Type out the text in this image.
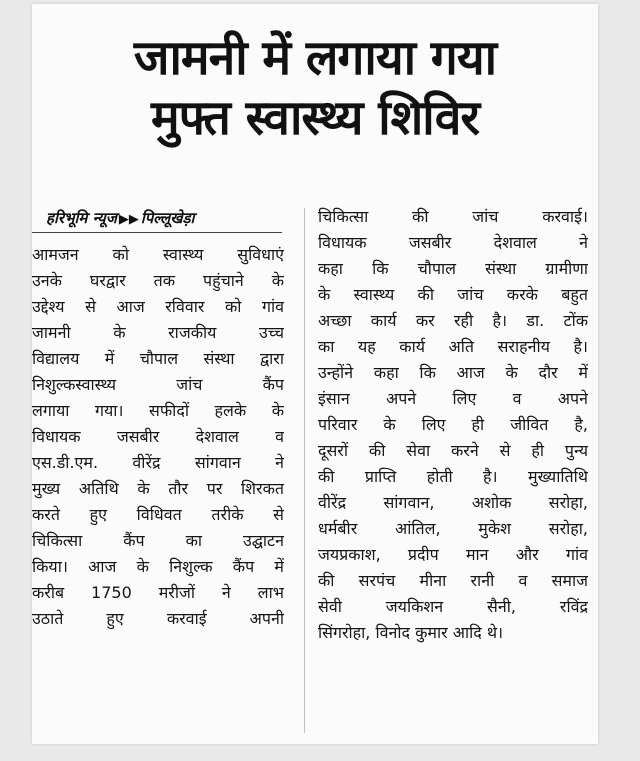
जामनी में लगाया गया
मुफ्त स्वास्थ्य शिविर
हरिभूमि न्यूज ▶▶ पिल्लूखेड़ा
आमजन को स्वास्थ्य सुविधाएं
उनके घरद्वार तक पहुंचाने के
उद्देश्य से आज रविवार को गांव
जामनी के राजकीय उच्च
विद्यालय में चौपाल संस्था द्वारा
निशुल्कस्वास्थ्य जांच कैंप
लगाया गया। सफीदों हलके के
विधायक जसबीर देशवाल व
एस.डी.एम. वीरेंद्र सांगवान ने
मुख्य अतिथि के तौर पर शिरकत
करते हुए विधिवत तरीके से
चिकित्सा कैंप का उद्घाटन
किया। आज के निशुल्क कैंप में
करीब 1750 मरीजों ने लाभ
उठाते हुए करवाई अपनी
चिकित्सा की जांच करवाई।
विधायक जसबीर देशवाल ने
कहा कि चौपाल संस्था ग्रामीणा
के स्वास्थ्य की जांच करके बहुत
अच्छा कार्य कर रही है। डा. टोंक
का यह कार्य अति सराहनीय है।
उन्होंने कहा कि आज के दौर में
इंसान अपने लिए व अपने
परिवार के लिए ही जीवित है,
दूसरों की सेवा करने से ही पुन्य
की प्राप्ति होती है। मुख्यातिथि
वीरेंद्र सांगवान, अशोक सरोहा,
धर्मबीर आंतिल, मुकेश सरोहा,
जयप्रकाश, प्रदीप मान और गांव
की सरपंच मीना रानी व समाज
सेवी जयकिशन सैनी, रविंद्र
सिंगरोहा, विनोद कुमार आदि थे।
